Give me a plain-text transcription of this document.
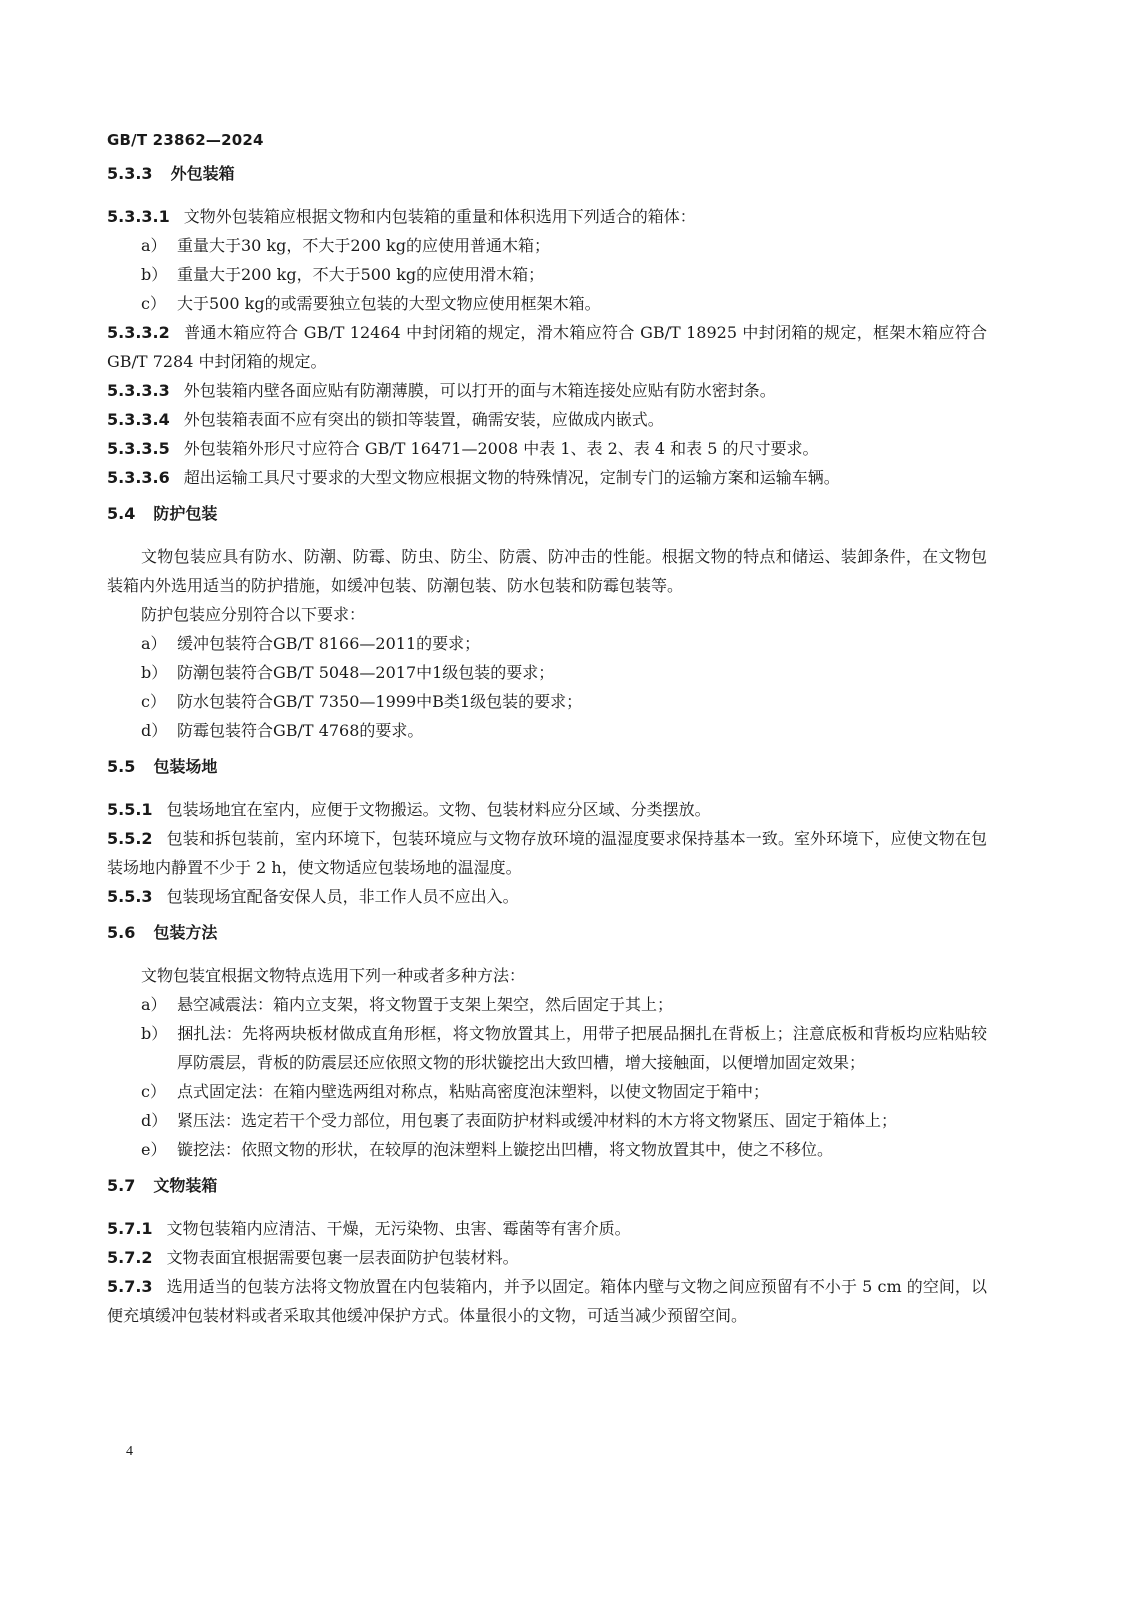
GB/T 23862—2024
5.3.3 外包装箱
5.3.3.1 文物外包装箱应根据文物和内包装箱的重量和体积选用下列适合的箱体：
a） 重量大于30 kg，不大于200 kg的应使用普通木箱；
b） 重量大于200 kg，不大于500 kg的应使用滑木箱；
c） 大于500 kg的或需要独立包装的大型文物应使用框架木箱。
5.3.3.2 普通木箱应符合 GB/T 12464 中封闭箱的规定，滑木箱应符合 GB/T 18925 中封闭箱的规定，框架木箱应符合 GB/T 7284 中封闭箱的规定。
5.3.3.3 外包装箱内壁各面应贴有防潮薄膜，可以打开的面与木箱连接处应贴有防水密封条。
5.3.3.4 外包装箱表面不应有突出的锁扣等装置，确需安装，应做成内嵌式。
5.3.3.5 外包装箱外形尺寸应符合 GB/T 16471—2008 中表 1、表 2、表 4 和表 5 的尺寸要求。
5.3.3.6 超出运输工具尺寸要求的大型文物应根据文物的特殊情况，定制专门的运输方案和运输车辆。
5.4 防护包装
文物包装应具有防水、防潮、防霉、防虫、防尘、防震、防冲击的性能。根据文物的特点和储运、装卸条件，在文物包装箱内外选用适当的防护措施，如缓冲包装、防潮包装、防水包装和防霉包装等。
防护包装应分别符合以下要求：
a） 缓冲包装符合GB/T 8166—2011的要求；
b） 防潮包装符合GB/T 5048—2017中1级包装的要求；
c） 防水包装符合GB/T 7350—1999中B类1级包装的要求；
d） 防霉包装符合GB/T 4768的要求。
5.5 包装场地
5.5.1 包装场地宜在室内，应便于文物搬运。文物、包装材料应分区域、分类摆放。
5.5.2 包装和拆包装前，室内环境下，包装环境应与文物存放环境的温湿度要求保持基本一致。室外环境下，应使文物在包装场地内静置不少于 2 h，使文物适应包装场地的温湿度。
5.5.3 包装现场宜配备安保人员，非工作人员不应出入。
5.6 包装方法
文物包装宜根据文物特点选用下列一种或者多种方法：
a） 悬空减震法：箱内立支架，将文物置于支架上架空，然后固定于其上；
b） 捆扎法：先将两块板材做成直角形框，将文物放置其上，用带子把展品捆扎在背板上；注意底板和背板均应粘贴较厚防震层，背板的防震层还应依照文物的形状镟挖出大致凹槽，增大接触面，以便增加固定效果；
c） 点式固定法：在箱内壁选两组对称点，粘贴高密度泡沫塑料，以使文物固定于箱中；
d） 紧压法：选定若干个受力部位，用包裹了表面防护材料或缓冲材料的木方将文物紧压、固定于箱体上；
e） 镟挖法：依照文物的形状，在较厚的泡沫塑料上镟挖出凹槽，将文物放置其中，使之不移位。
5.7 文物装箱
5.7.1 文物包装箱内应清洁、干燥，无污染物、虫害、霉菌等有害介质。
5.7.2 文物表面宜根据需要包裹一层表面防护包装材料。
5.7.3 选用适当的包装方法将文物放置在内包装箱内，并予以固定。箱体内壁与文物之间应预留有不小于 5 cm 的空间，以便充填缓冲包装材料或者采取其他缓冲保护方式。体量很小的文物，可适当减少预留空间。
4
